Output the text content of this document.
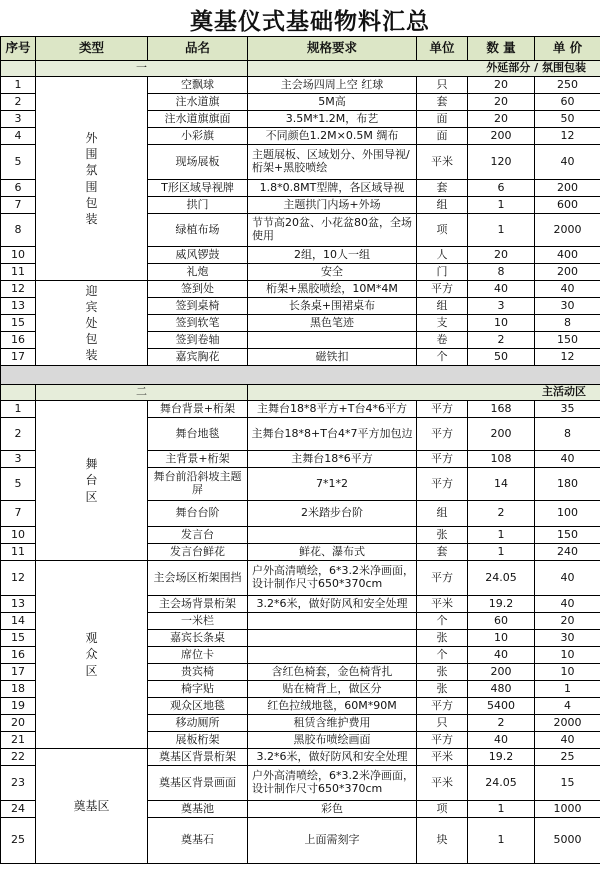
奠基仪式基础物料汇总
序号	类型	品名	规格要求	单位	数 量	单 价
	一		外延部分 / 氛围包装			
1	外围氛围包装	空飘球	主会场四周上空 红球	只	20	250
2		注水道旗	5M高	套	20	60
3		注水道旗旗面	3.5M*1.2M，布艺	面	20	50
4		小彩旗	不同颜色1.2M×0.5M 绸布	面	200	12
5		现场展板	主题展板、区域划分、外围导视/桁架+黑胶喷绘	平米	120	40
6		T形区域导视牌	1.8*0.8MT型牌，各区域导视	套	6	200
7		拱门	主题拱门内场+外场	组	1	600
8		绿植布场	节节高20盆、小花盆80盆，全场使用	项	1	2000
10		威风锣鼓	2组，10人一组	人	20	400
11		礼炮	安全	门	8	200
12	迎宾处包装	签到处	桁架+黑胶喷绘，10M*4M	平方	40	40
13		签到桌椅	长条桌+围裙桌布	组	3	30
15		签到软笔	黑色笔迹	支	10	8
16		签到卷轴		卷	2	150
17		嘉宾胸花	磁铁扣	个	50	12

	二		主活动区			
1	舞台区	舞台背景+桁架	主舞台18*8平方+T台4*6平方	平方	168	35
2		舞台地毯	主舞台18*8+T台4*7平方加包边	平方	200	8
3		主背景+桁架	主舞台18*6平方	平方	108	40
5		舞台前沿斜坡主题屏	7*1*2	平方	14	180
7		舞台台阶	2米踏步台阶	组	2	100
10		发言台		张	1	150
11		发言台鲜花	鲜花、瀑布式	套	1	240
12	观众区	主会场区桁架围挡	户外高清喷绘，6*3.2米净画面，设计制作尺寸650*370cm	平方	24.05	40
13		主会场背景桁架	3.2*6米，做好防风和安全处理	平米	19.2	40
14		一米栏		个	60	20
15		嘉宾长条桌		张	10	30
16		席位卡		个	40	10
17		贵宾椅	含红色椅套，金色椅背扎	张	200	10
18		椅字贴	贴在椅背上，做区分	张	480	1
19		观众区地毯	红色拉绒地毯，60M*90M	平方	5400	4
20		移动厕所	租赁含维护费用	只	2	2000
21		展板桁架	黑胶布喷绘画面	平方	40	40
22	奠基区	奠基区背景桁架	3.2*6米，做好防风和安全处理	平米	19.2	25
23		奠基区背景画面	户外高清喷绘，6*3.2米净画面，设计制作尺寸650*370cm	平米	24.05	15
24		奠基池	彩色	项	1	1000
25		奠基石	上面需刻字	块	1	5000
